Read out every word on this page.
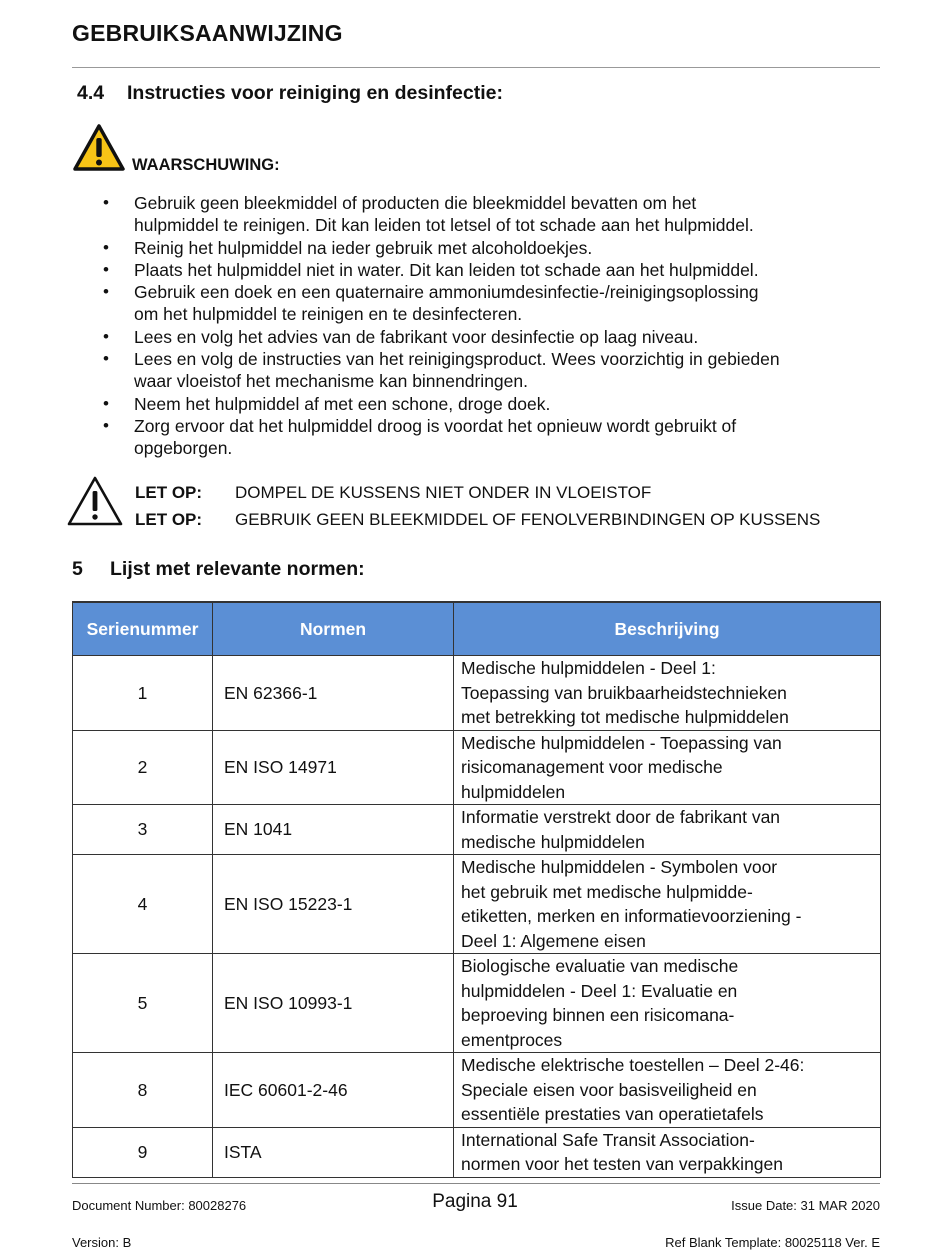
GEBRUIKSAANWIJZING
4.4 Instructies voor reiniging en desinfectie:
WAARSCHUWING:
• Gebruik geen bleekmiddel of producten die bleekmiddel bevatten om het
hulpmiddel te reinigen. Dit kan leiden tot letsel of tot schade aan het hulpmiddel.
• Reinig het hulpmiddel na ieder gebruik met alcoholdoekjes.
• Plaats het hulpmiddel niet in water. Dit kan leiden tot schade aan het hulpmiddel.
• Gebruik een doek en een quaternaire ammoniumdesinfectie-/reinigingsoplossing
om het hulpmiddel te reinigen en te desinfecteren.
• Lees en volg het advies van de fabrikant voor desinfectie op laag niveau.
• Lees en volg de instructies van het reinigingsproduct. Wees voorzichtig in gebieden
waar vloeistof het mechanisme kan binnendringen.
• Neem het hulpmiddel af met een schone, droge doek.
• Zorg ervoor dat het hulpmiddel droog is voordat het opnieuw wordt gebruikt of
opgeborgen.
LET OP:	DOMPEL DE KUSSENS NIET ONDER IN VLOEISTOF
LET OP:	GEBRUIK GEEN BLEEKMIDDEL OF FENOLVERBINDINGEN OP KUSSENS
5 Lijst met relevante normen:
Serienummer	Normen	Beschrijving
1	EN 62366-1	Medische hulpmiddelen - Deel 1:
Toepassing van bruikbaarheidstechnieken
met betrekking tot medische hulpmiddelen
2	EN ISO 14971	Medische hulpmiddelen - Toepassing van
risicomanagement voor medische
hulpmiddelen
3	EN 1041	Informatie verstrekt door de fabrikant van
medische hulpmiddelen
4	EN ISO 15223-1	Medische hulpmiddelen - Symbolen voor
het gebruik met medische hulpmidde-
etiketten, merken en informatievoorziening -
Deel 1: Algemene eisen
5	EN ISO 10993-1	Biologische evaluatie van medische
hulpmiddelen - Deel 1: Evaluatie en
beproeving binnen een risicomana-
ementproces
8	IEC 60601-2-46	Medische elektrische toestellen – Deel 2-46:
Speciale eisen voor basisveiligheid en
essentiële prestaties van operatietafels
9	ISTA	International Safe Transit Association-
normen voor het testen van verpakkingen
Document Number: 80028276	Pagina 91	Issue Date: 31 MAR 2020
Version: B	Ref Blank Template: 80025118 Ver. E
